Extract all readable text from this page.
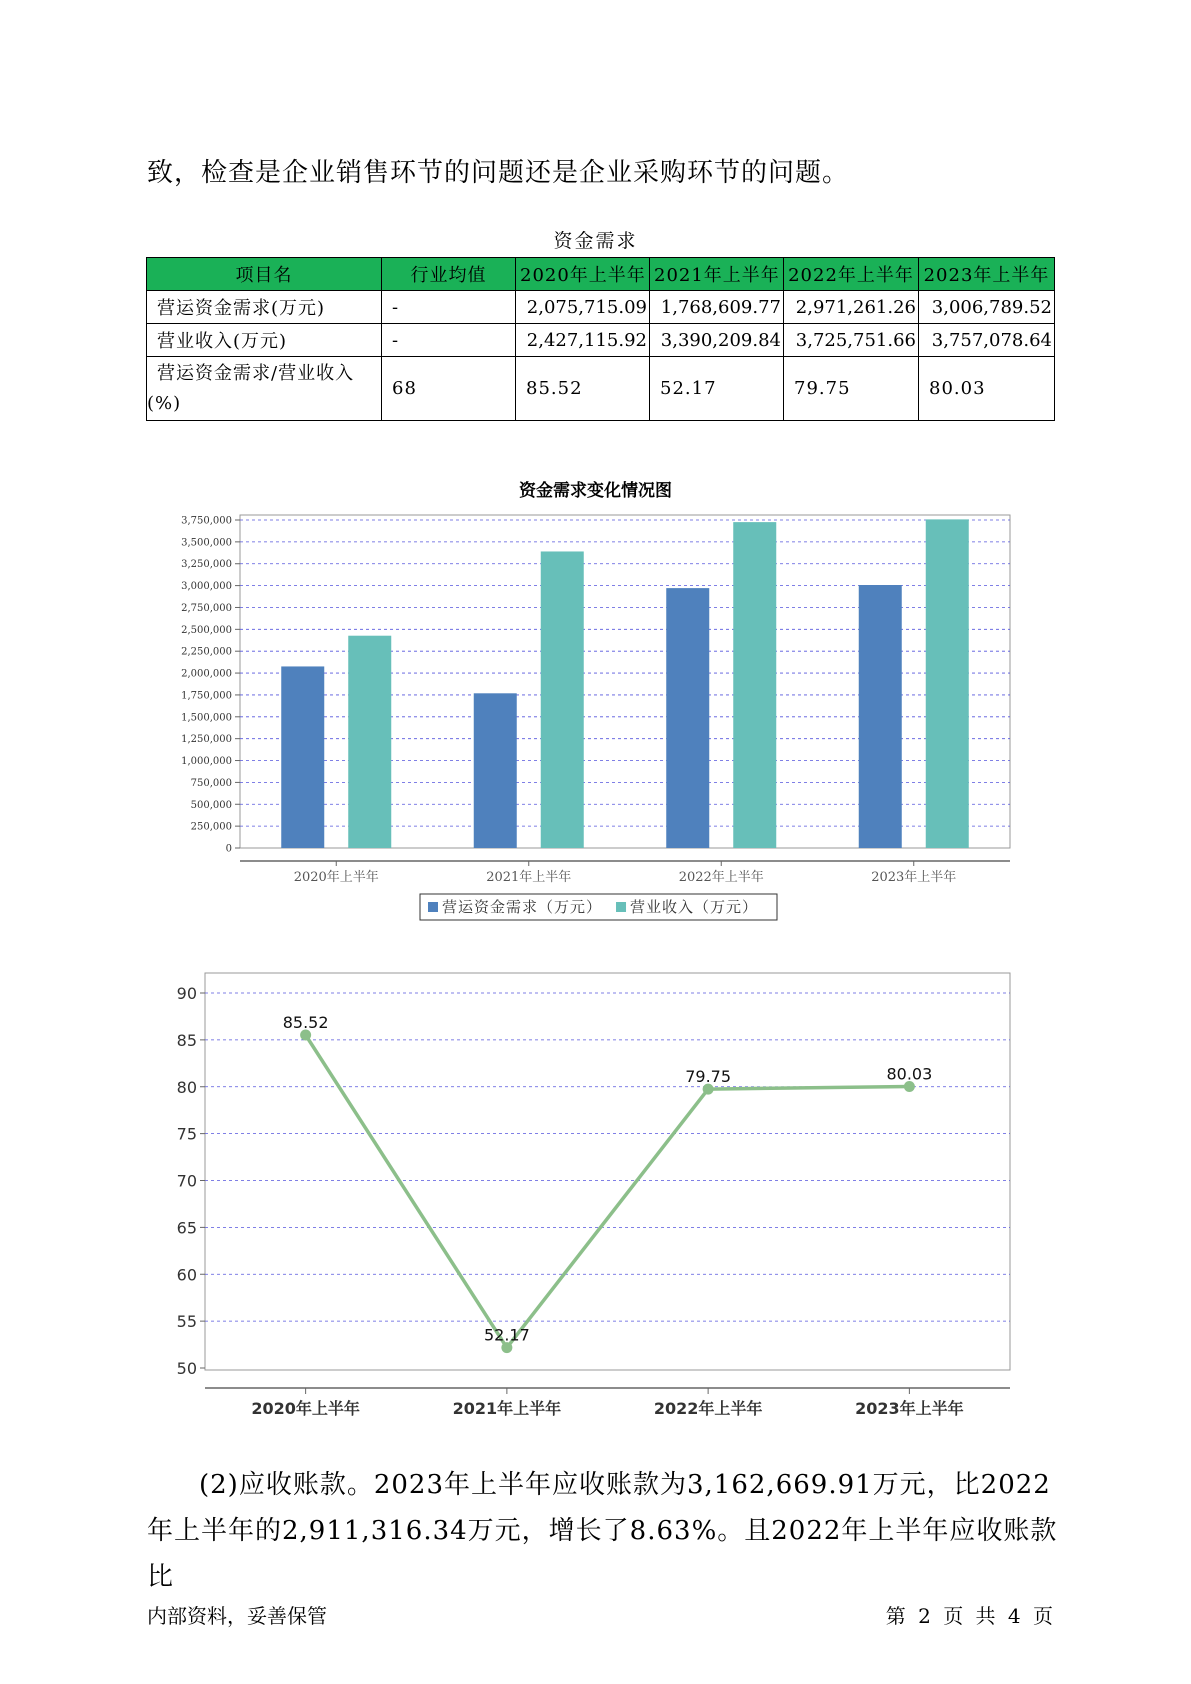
致，检查是企业销售环节的问题还是企业采购环节的问题。

资金需求
项目名	行业均值	2020年上半年	2021年上半年	2022年上半年	2023年上半年
营运资金需求(万元)	-	2,075,715.09	1,768,609.77	2,971,261.26	3,006,789.52
营业收入(万元)	-	2,427,115.92	3,390,209.84	3,725,751.66	3,757,078.64
营运资金需求/营业收入(%)	68	85.52	52.17	79.75	80.03
资金需求变化情况图
0
250,000
500,000
750,000
1,000,000
1,250,000
1,500,000
1,750,000
2,000,000
2,250,000
2,500,000
2,750,000
3,000,000
3,250,000
3,500,000
3,750,000
2020年上半年	2021年上半年	2022年上半年	2023年上半年
营运资金需求（万元） 营业收入（万元）
50
55
60
65
70
75
80
85
90
85.52
52.17
79.75	80.03
2020年上半年	2021年上半年	2022年上半年	2023年上半年

(2)应收账款。2023年上半年应收账款为3,162,669.91万元，比2022年上半年的2,911,316.34万元，增长了8.63%。且2022年上半年应收账款比

内部资料，妥善保管	第 2 页 共 4 页
